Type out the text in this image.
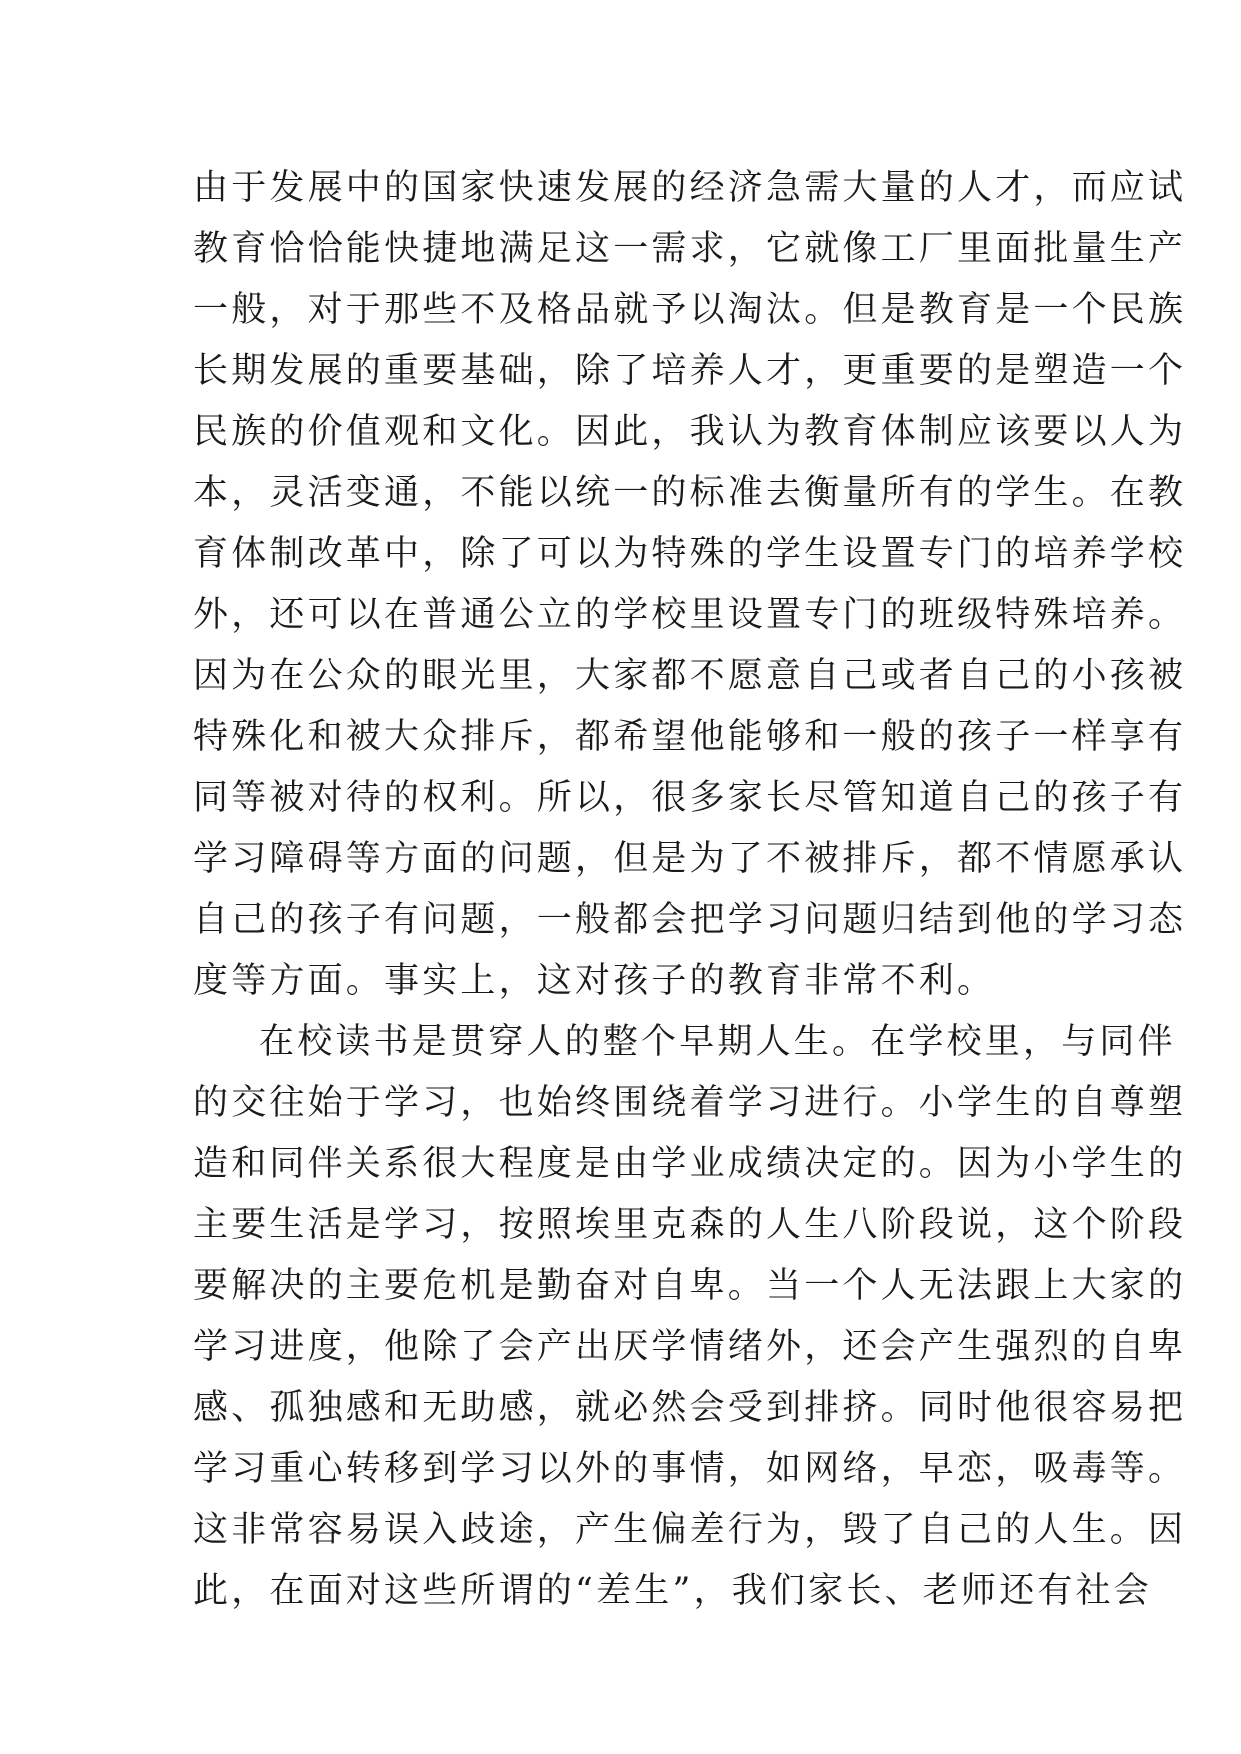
由于发展中的国家快速发展的经济急需大量的人才，而应试
教育恰恰能快捷地满足这一需求，它就像工厂里面批量生产
一般，对于那些不及格品就予以淘汰。但是教育是一个民族
长期发展的重要基础，除了培养人才，更重要的是塑造一个
民族的价值观和文化。因此，我认为教育体制应该要以人为
本，灵活变通，不能以统一的标准去衡量所有的学生。在教
育体制改革中，除了可以为特殊的学生设置专门的培养学校
外，还可以在普通公立的学校里设置专门的班级特殊培养。
因为在公众的眼光里，大家都不愿意自己或者自己的小孩被
特殊化和被大众排斥，都希望他能够和一般的孩子一样享有
同等被对待的权利。所以，很多家长尽管知道自己的孩子有
学习障碍等方面的问题，但是为了不被排斥，都不情愿承认
自己的孩子有问题，一般都会把学习问题归结到他的学习态
度等方面。事实上，这对孩子的教育非常不利。
在校读书是贯穿人的整个早期人生。在学校里，与同伴
的交往始于学习，也始终围绕着学习进行。小学生的自尊塑
造和同伴关系很大程度是由学业成绩决定的。因为小学生的
主要生活是学习，按照埃里克森的人生八阶段说，这个阶段
要解决的主要危机是勤奋对自卑。当一个人无法跟上大家的
学习进度，他除了会产出厌学情绪外，还会产生强烈的自卑
感、孤独感和无助感，就必然会受到排挤。同时他很容易把
学习重心转移到学习以外的事情，如网络，早恋，吸毒等。
这非常容易误入歧途，产生偏差行为，毁了自己的人生。因
此，在面对这些所谓的“差生”，我们家长、老师还有社会
